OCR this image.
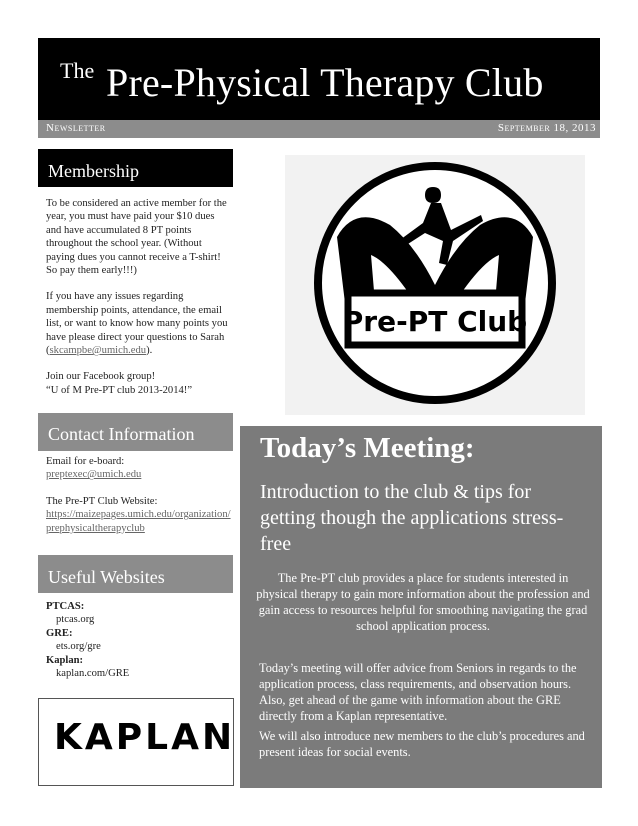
The Pre-Physical Therapy Club
Newsletter	September 18, 2013
Membership

To be considered an active member for the year, you must have paid your $10 dues and have accumulated 8 PT points throughout the school year. (Without paying dues you cannot receive a T-shirt! So pay them early!!!)

If you have any issues regarding membership points, attendance, the email list, or want to know how many points you have please direct your questions to Sarah (skcampbe@umich.edu).

Join our Facebook group!
“U of M Pre-PT club 2013-2014!”

Contact Information
Email for e-board:
preptexec@umich.edu
The Pre-PT Club Website:
https://maizepages.umich.edu/organization/prephysicaltherapyclub
Useful Websites
PTCAS:
ptcas.org
GRE:
ets.org/gre
Kaplan:
kaplan.com/GRE
KAPLAN
Pre-PT Club
Today’s Meeting:
Introduction to the club & tips for getting though the applications stress-free
The Pre-PT club provides a place for students interested in physical therapy to gain more information about the profession and gain access to resources helpful for smoothing navigating the grad school application process.
Today’s meeting will offer advice from Seniors in regards to the application process, class requirements, and observation hours. Also, get ahead of the game with information about the GRE directly from a Kaplan representative.
We will also introduce new members to the club’s procedures and present ideas for social events.
